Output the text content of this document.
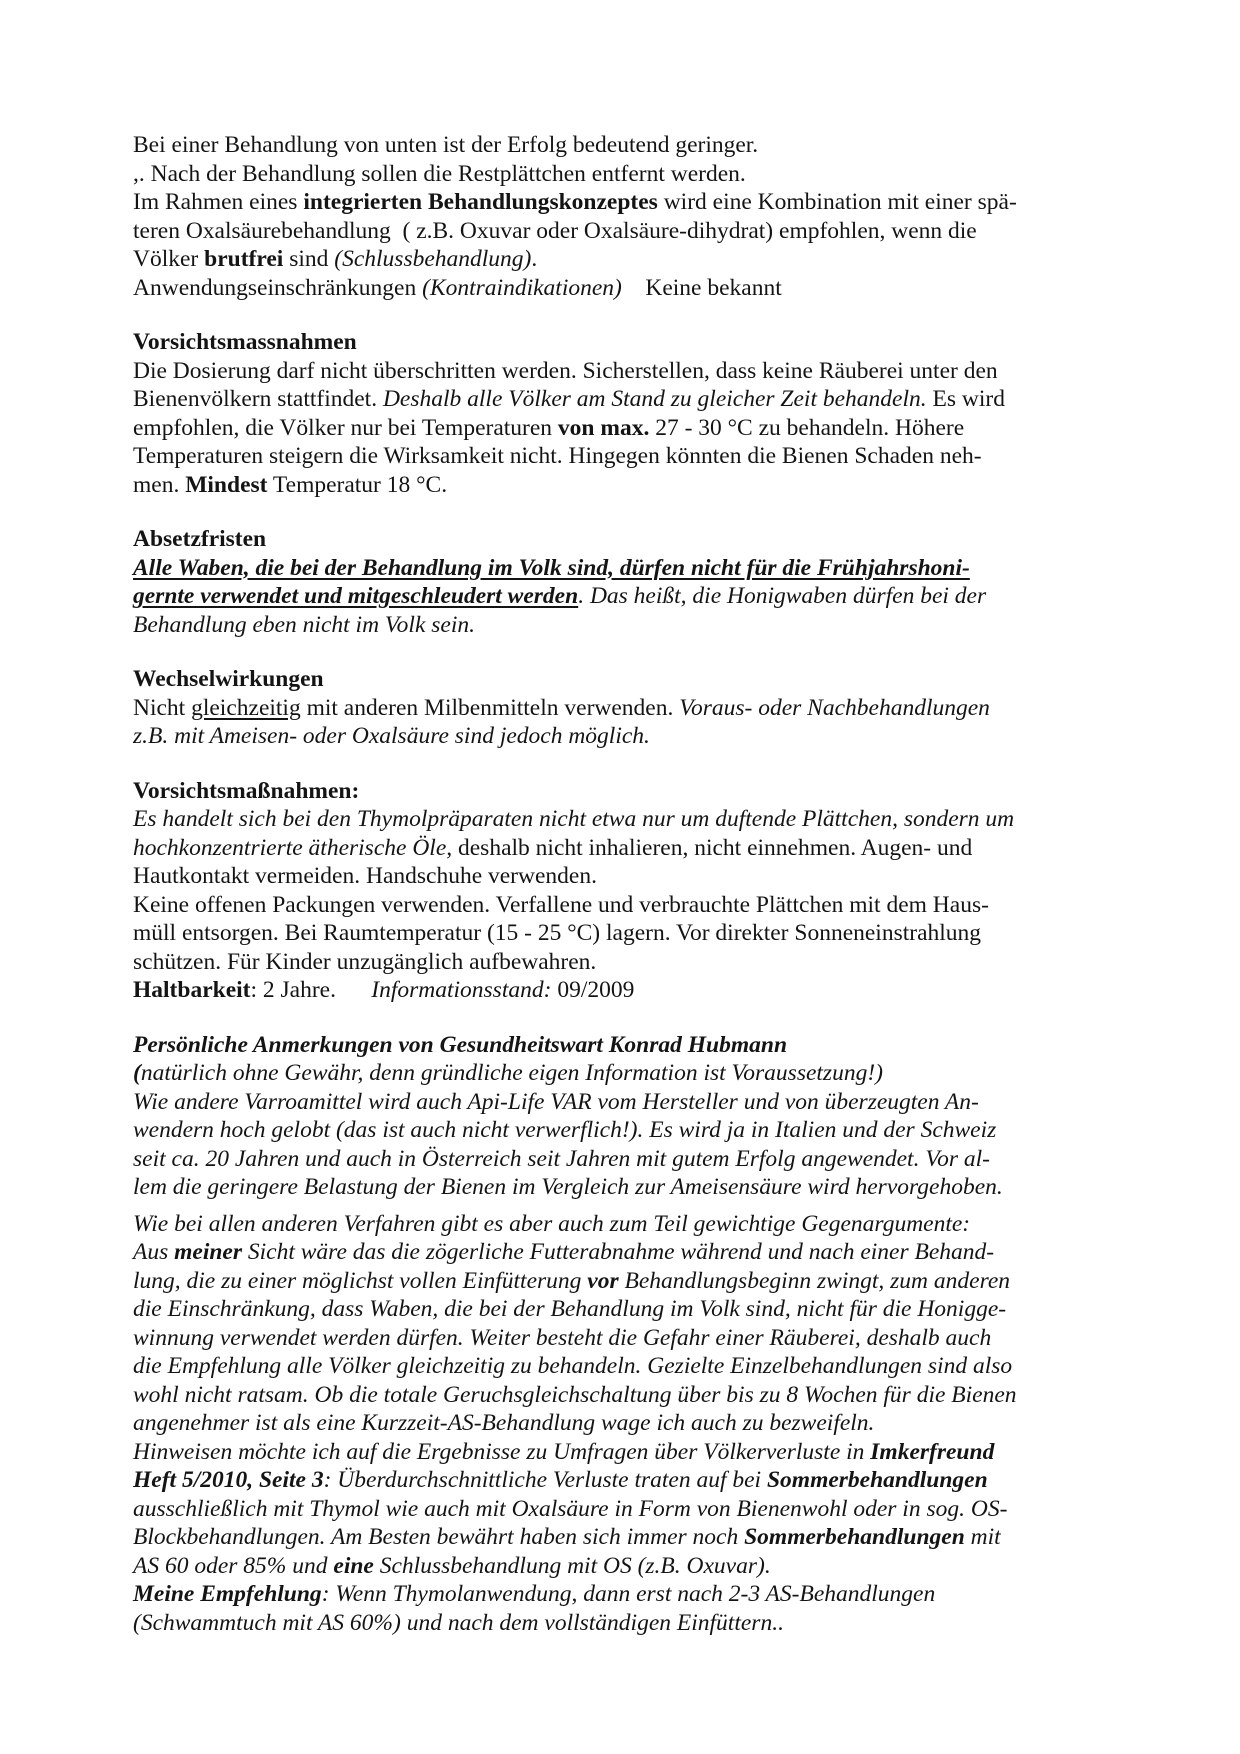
Bei einer Behandlung von unten ist der Erfolg bedeutend geringer.
,. Nach der Behandlung sollen die Restplättchen entfernt werden.
Im Rahmen eines integrierten Behandlungskonzeptes wird eine Kombination mit einer spä-
teren Oxalsäurebehandlung  ( z.B. Oxuvar oder Oxalsäure-dihydrat) empfohlen, wenn die
Völker brutfrei sind (Schlussbehandlung).
Anwendungseinschränkungen (Kontraindikationen)    Keine bekannt
Vorsichtsmassnahmen
Die Dosierung darf nicht überschritten werden. Sicherstellen, dass keine Räuberei unter den
Bienenvölkern stattfindet. Deshalb alle Völker am Stand zu gleicher Zeit behandeln. Es wird
empfohlen, die Völker nur bei Temperaturen von max. 27 - 30 °C zu behandeln. Höhere
Temperaturen steigern die Wirksamkeit nicht. Hingegen könnten die Bienen Schaden neh-
men. Mindest Temperatur 18 °C.
Absetzfristen
Alle Waben, die bei der Behandlung im Volk sind, dürfen nicht für die Frühjahrshoni-
gernte verwendet und mitgeschleudert werden. Das heißt, die Honigwaben dürfen bei der
Behandlung eben nicht im Volk sein.
Wechselwirkungen
Nicht gleichzeitig mit anderen Milbenmitteln verwenden. Voraus- oder Nachbehandlungen
z.B. mit Ameisen- oder Oxalsäure sind jedoch möglich.
Vorsichtsmaßnahmen:
Es handelt sich bei den Thymolpräparaten nicht etwa nur um duftende Plättchen, sondern um
hochkonzentrierte ätherische Öle, deshalb nicht inhalieren, nicht einnehmen. Augen- und
Hautkontakt vermeiden. Handschuhe verwenden.
Keine offenen Packungen verwenden. Verfallene und verbrauchte Plättchen mit dem Haus-
müll entsorgen. Bei Raumtemperatur (15 - 25 °C) lagern. Vor direkter Sonneneinstrahlung
schützen. Für Kinder unzugänglich aufbewahren.
Haltbarkeit: 2 Jahre.      Informationsstand: 09/2009
Persönliche Anmerkungen von Gesundheitswart Konrad Hubmann
(natürlich ohne Gewähr, denn gründliche eigen Information ist Voraussetzung!)
Wie andere Varroamittel wird auch Api-Life VAR vom Hersteller und von überzeugten An-
wendern hoch gelobt (das ist auch nicht verwerflich!). Es wird ja in Italien und der Schweiz
seit ca. 20 Jahren und auch in Österreich seit Jahren mit gutem Erfolg angewendet. Vor al-
lem die geringere Belastung der Bienen im Vergleich zur Ameisensäure wird hervorgehoben.
Wie bei allen anderen Verfahren gibt es aber auch zum Teil gewichtige Gegenargumente:
Aus meiner Sicht wäre das die zögerliche Futterabnahme während und nach einer Behand-
lung, die zu einer möglichst vollen Einfütterung vor Behandlungsbeginn zwingt, zum anderen
die Einschränkung, dass Waben, die bei der Behandlung im Volk sind, nicht für die Honigge-
winnung verwendet werden dürfen. Weiter besteht die Gefahr einer Räuberei, deshalb auch
die Empfehlung alle Völker gleichzeitig zu behandeln. Gezielte Einzelbehandlungen sind also
wohl nicht ratsam. Ob die totale Geruchsgleichschaltung über bis zu 8 Wochen für die Bienen
angenehmer ist als eine Kurzzeit-AS-Behandlung wage ich auch zu bezweifeln.
Hinweisen möchte ich auf die Ergebnisse zu Umfragen über Völkerverluste in Imkerfreund
Heft 5/2010, Seite 3: Überdurchschnittliche Verluste traten auf bei Sommerbehandlungen
ausschließlich mit Thymol wie auch mit Oxalsäure in Form von Bienenwohl oder in sog. OS-
Blockbehandlungen. Am Besten bewährt haben sich immer noch Sommerbehandlungen mit
AS 60 oder 85% und eine Schlussbehandlung mit OS (z.B. Oxuvar).
Meine Empfehlung: Wenn Thymolanwendung, dann erst nach 2-3 AS-Behandlungen
(Schwammtuch mit AS 60%) und nach dem vollständigen Einfüttern..
